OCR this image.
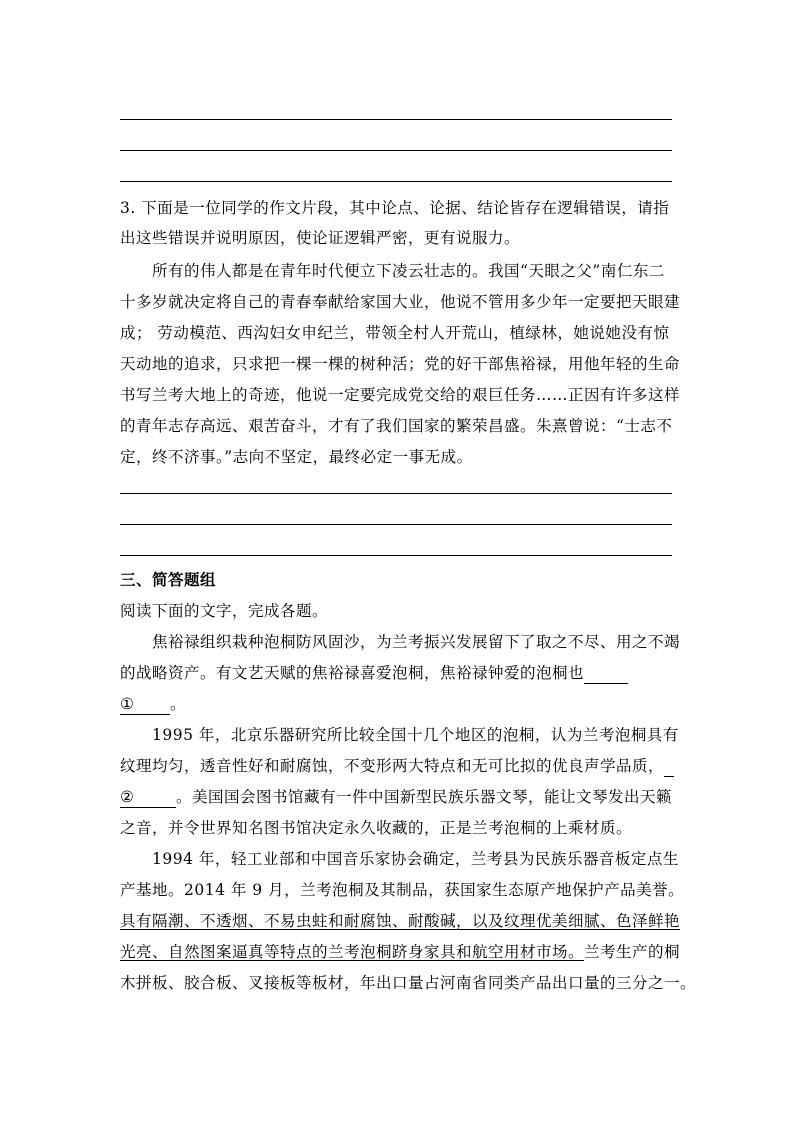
3. 下面是一位同学的作文片段，其中论点、论据、结论皆存在逻辑错误，请指
出这些错误并说明原因，使论证逻辑严密，更有说服力。
所有的伟人都是在青年时代便立下凌云壮志的。我国“天眼之父”南仁东二
十多岁就决定将自己的青春奉献给家国大业，他说不管用多少年一定要把天眼建
成； 劳动模范、西沟妇女申纪兰，带领全村人开荒山，植绿林，她说她没有惊
天动地的追求，只求把一棵一棵的树种活；党的好干部焦裕禄，用他年轻的生命
书写兰考大地上的奇迹，他说一定要完成党交给的艰巨任务……正因有许多这样
的青年志存高远、艰苦奋斗，才有了我们国家的繁荣昌盛。朱熹曾说：“士志不
定，终不济事。”志向不坚定，最终必定一事无成。
三、简答题组
阅读下面的文字，完成各题。
焦裕禄组织栽种泡桐防风固沙，为兰考振兴发展留下了取之不尽、用之不竭
的战略资产。有文艺天赋的焦裕禄喜爱泡桐，焦裕禄钟爱的泡桐也
① 。
1995 年，北京乐器研究所比较全国十几个地区的泡桐，认为兰考泡桐具有
纹理均匀，透音性好和耐腐蚀，不变形两大特点和无可比拟的优良声学品质，
②	。美国国会图书馆藏有一件中国新型民族乐器文琴，能让文琴发出天籁
之音，并令世界知名图书馆决定永久收藏的，正是兰考泡桐的上乘材质。
1994 年，轻工业部和中国音乐家协会确定，兰考县为民族乐器音板定点生
产基地。2014 年 9 月，兰考泡桐及其制品，获国家生态原产地保护产品美誉。
具有隔潮、不透烟、不易虫蛀和耐腐蚀、耐酸碱，以及纹理优美细腻、色泽鲜艳
光亮、自然图案逼真等特点的兰考泡桐跻身家具和航空用材市场。兰考生产的桐
木拼板、胶合板、叉接板等板材，年出口量占河南省同类产品出口量的三分之一。
